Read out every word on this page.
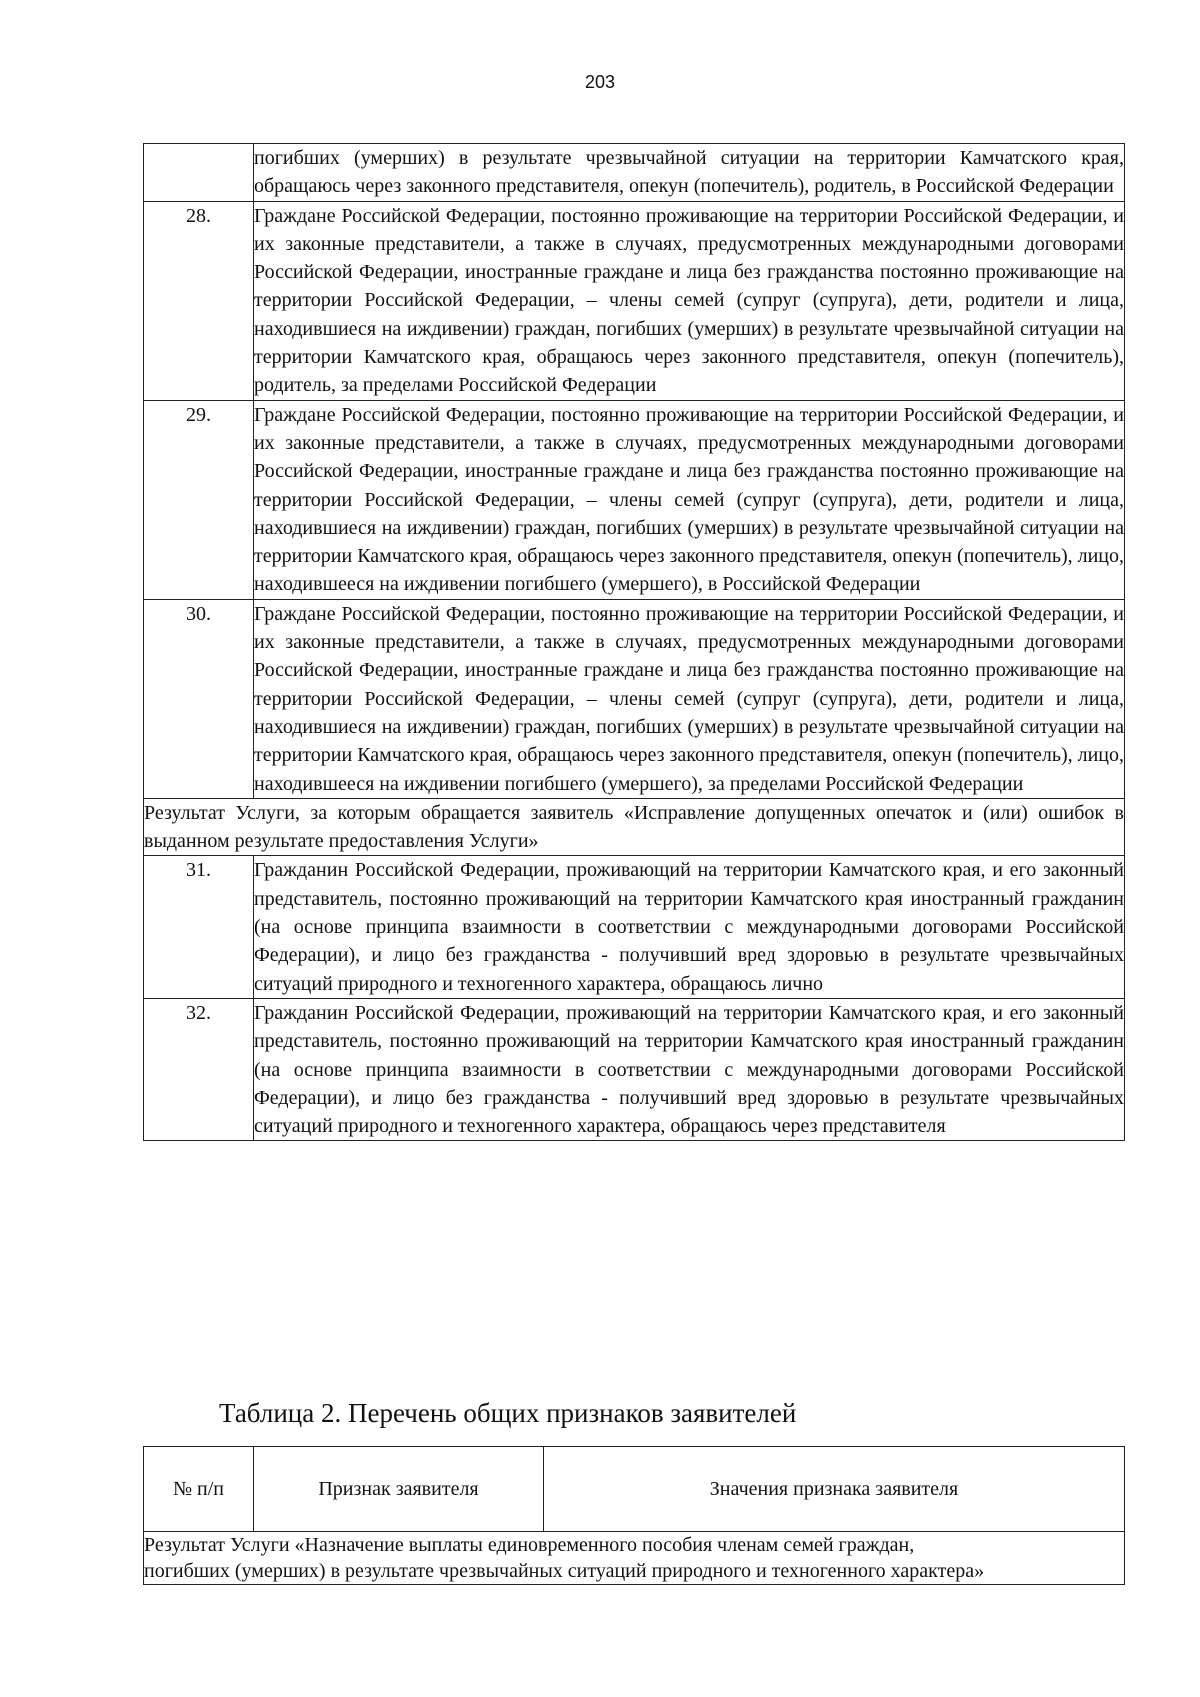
203
	погибших (умерших) в результате чрезвычайной ситуации на территории Камчатского края, обращаюсь через законного представителя, опекун (попечитель), родитель, в Российской Федерации
28.	Граждане Российской Федерации, постоянно проживающие на территории Российской Федерации, и их законные представители, а также в случаях, предусмотренных международными договорами Российской Федерации, иностранные граждане и лица без гражданства постоянно проживающие на территории Российской Федерации, – члены семей (супруг (супруга), дети, родители и лица, находившиеся на иждивении) граждан, погибших (умерших) в результате чрезвычайной ситуации на территории Камчатского края, обращаюсь через законного представителя, опекун (попечитель), родитель, за пределами Российской Федерации
29.	Граждане Российской Федерации, постоянно проживающие на территории Российской Федерации, и их законные представители, а также в случаях, предусмотренных международными договорами Российской Федерации, иностранные граждане и лица без гражданства постоянно проживающие на территории Российской Федерации, – члены семей (супруг (супруга), дети, родители и лица, находившиеся на иждивении) граждан, погибших (умерших) в результате чрезвычайной ситуации на территории Камчатского края, обращаюсь через законного представителя, опекун (попечитель), лицо, находившееся на иждивении погибшего (умершего), в Российской Федерации
30.	Граждане Российской Федерации, постоянно проживающие на территории Российской Федерации, и их законные представители, а также в случаях, предусмотренных международными договорами Российской Федерации, иностранные граждане и лица без гражданства постоянно проживающие на территории Российской Федерации, – члены семей (супруг (супруга), дети, родители и лица, находившиеся на иждивении) граждан, погибших (умерших) в результате чрезвычайной ситуации на территории Камчатского края, обращаюсь через законного представителя, опекун (попечитель), лицо, находившееся на иждивении погибшего (умершего), за пределами Российской Федерации
Результат Услуги, за которым обращается заявитель «Исправление допущенных опечаток и (или) ошибок в выданном результате предоставления Услуги»	
31.	Гражданин Российской Федерации, проживающий на территории Камчатского края, и его законный представитель, постоянно проживающий на территории Камчатского края иностранный гражданин (на основе принципа взаимности в соответствии с международными договорами Российской Федерации), и лицо без гражданства - получивший вред здоровью в результате чрезвычайных ситуаций природного и техногенного характера, обращаюсь лично
32.	Гражданин Российской Федерации, проживающий на территории Камчатского края, и его законный представитель, постоянно проживающий на территории Камчатского края иностранный гражданин (на основе принципа взаимности в соответствии с международными договорами Российской Федерации), и лицо без гражданства - получивший вред здоровью в результате чрезвычайных ситуаций природного и техногенного характера, обращаюсь через представителя
Таблица 2. Перечень общих признаков заявителей
№ п/п	Признак заявителя	Значения признака заявителя
Результат Услуги «Назначение выплаты единовременного пособия членам семей граждан,
погибших (умерших) в результате чрезвычайных ситуаций природного и техногенного характера»
